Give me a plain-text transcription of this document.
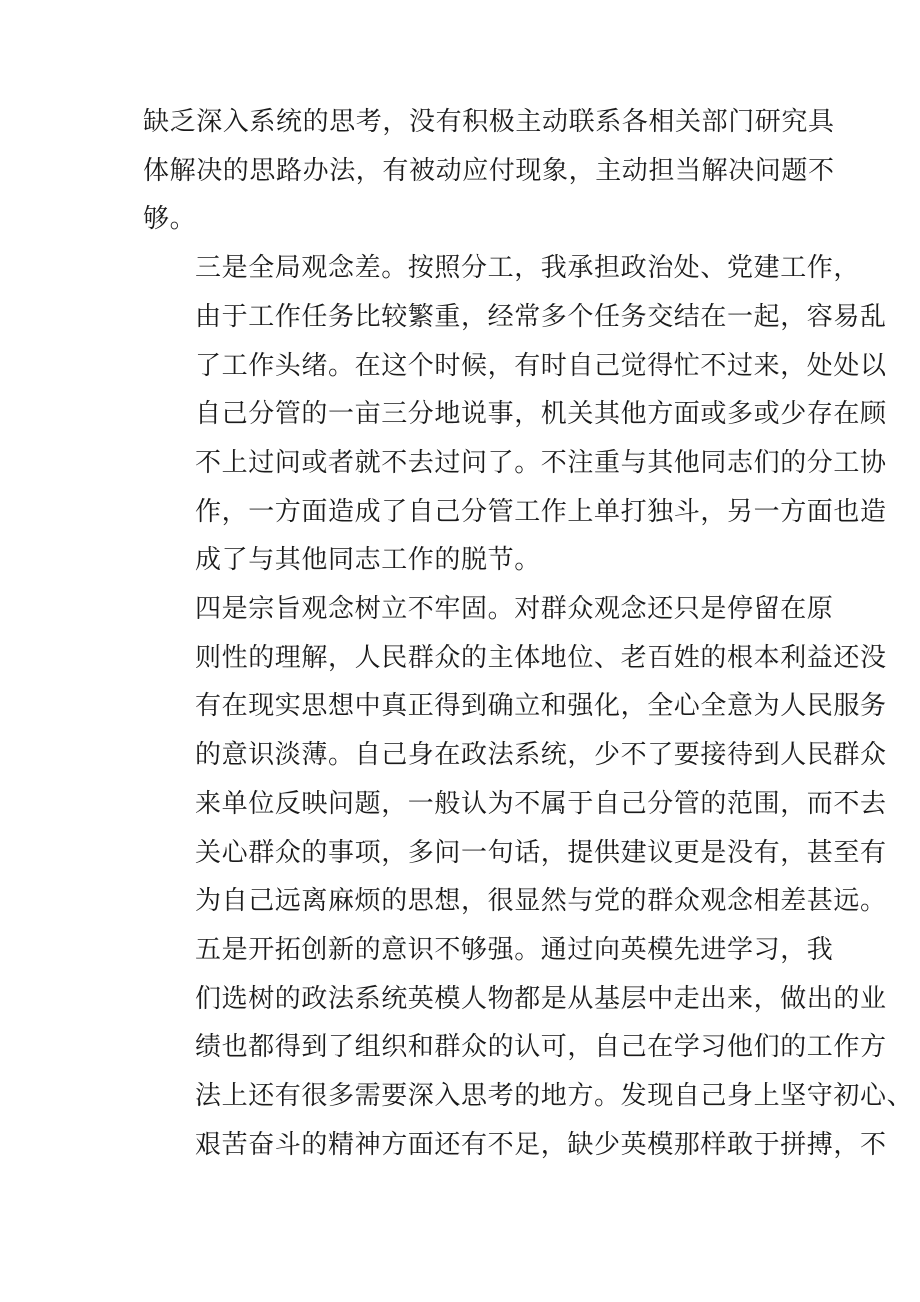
缺乏深入系统的思考，没有积极主动联系各相关部门研究具
体解决的思路办法，有被动应付现象，主动担当解决问题不
够。

三是全局观念差。按照分工，我承担政治处、党建工作，
由于工作任务比较繁重，经常多个任务交结在一起，容易乱
了工作头绪。在这个时候，有时自己觉得忙不过来，处处以
自己分管的一亩三分地说事，机关其他方面或多或少存在顾
不上过问或者就不去过问了。不注重与其他同志们的分工协
作，一方面造成了自己分管工作上单打独斗，另一方面也造
成了与其他同志工作的脱节。

四是宗旨观念树立不牢固。对群众观念还只是停留在原
则性的理解，人民群众的主体地位、老百姓的根本利益还没
有在现实思想中真正得到确立和强化，全心全意为人民服务
的意识淡薄。自己身在政法系统，少不了要接待到人民群众
来单位反映问题，一般认为不属于自己分管的范围，而不去
关心群众的事项，多问一句话，提供建议更是没有，甚至有
为自己远离麻烦的思想，很显然与党的群众观念相差甚远。

五是开拓创新的意识不够强。通过向英模先进学习，我
们选树的政法系统英模人物都是从基层中走出来，做出的业
绩也都得到了组织和群众的认可，自己在学习他们的工作方
法上还有很多需要深入思考的地方。发现自己身上坚守初心、
艰苦奋斗的精神方面还有不足，缺少英模那样敢于拼搏，不
